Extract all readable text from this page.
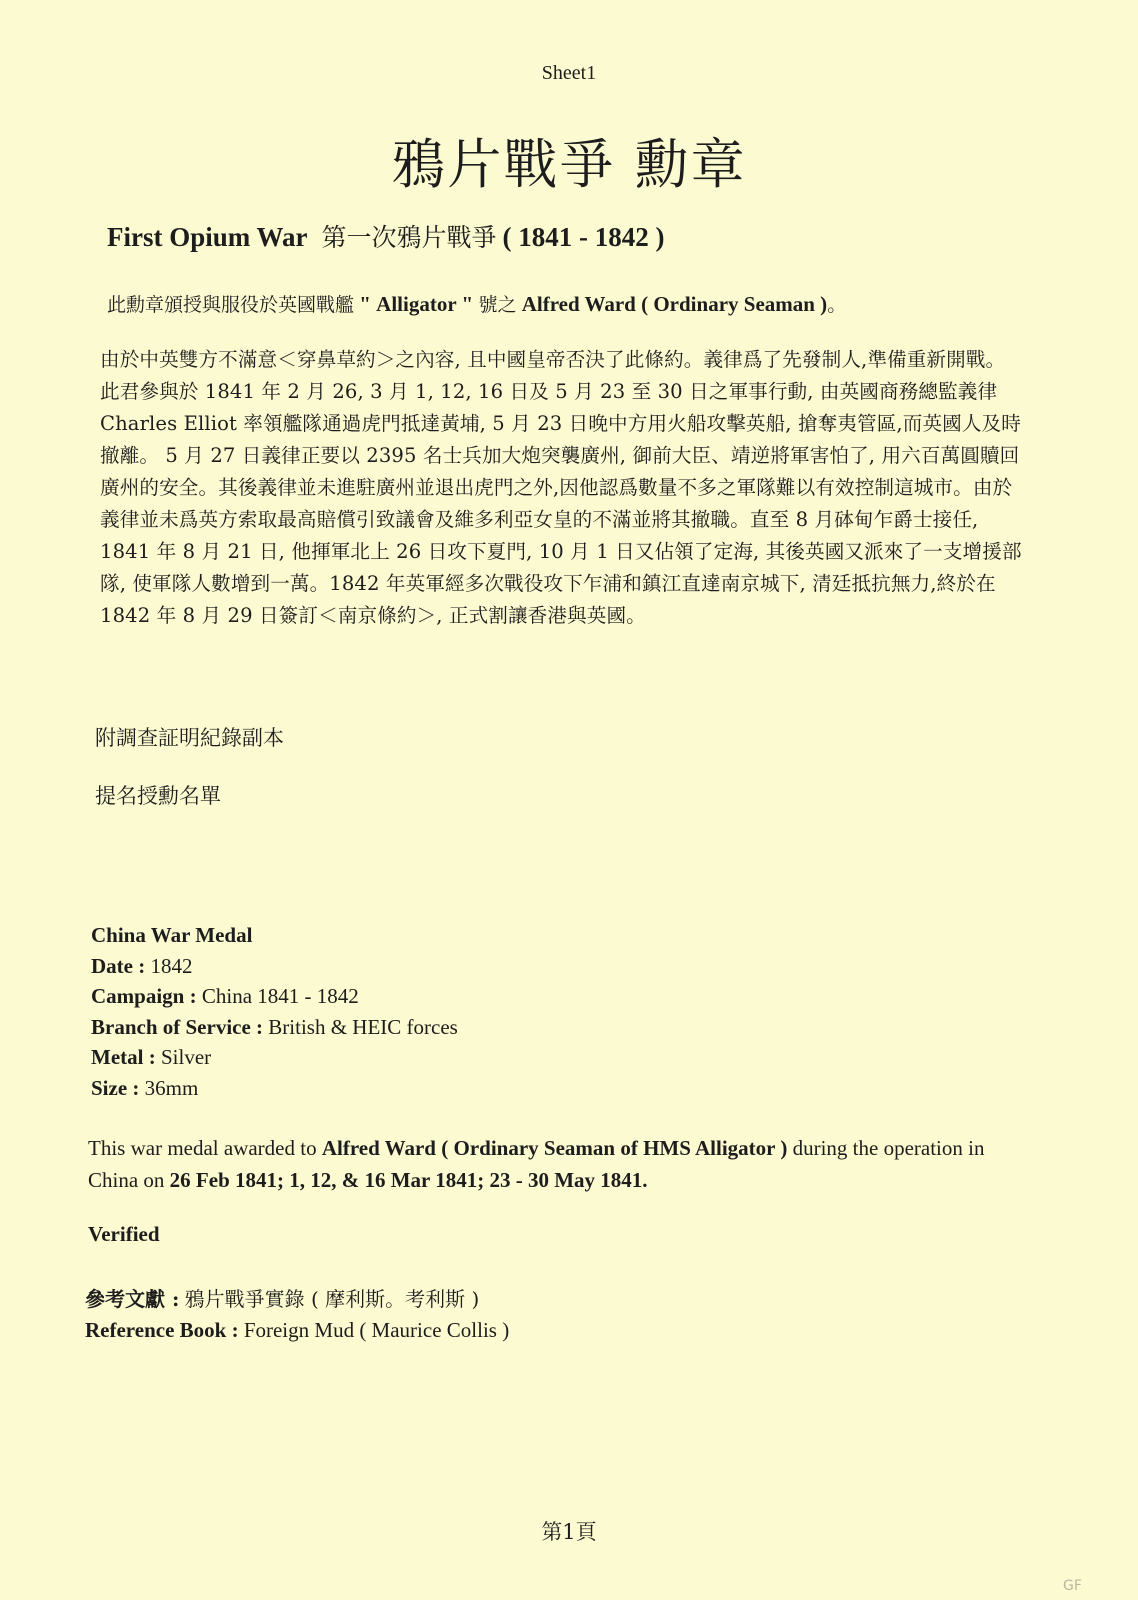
Sheet1
鴉片戰爭 勳章
First Opium War 第一次鴉片戰爭 ( 1841 - 1842 )
此勳章頒授與服役於英國戰艦 " Alligator " 號之 Alfred Ward ( Ordinary Seaman )。

由於中英雙方不滿意＜穿鼻草約＞之內容, 且中國皇帝否決了此條約。義律爲了先發制人,準備重新開戰。

此君參與於 1841 年 2 月 26, 3 月 1, 12, 16 日及 5 月 23 至 30 日之軍事行動, 由英國商務總監義律 Charles Elliot 率領艦隊通過虎門抵達黃埔, 5 月 23 日晚中方用火船攻擊英船, 搶奪夷管區,而英國人及時撤離。 5 月 27 日義律正要以 2395 名士兵加大炮突襲廣州, 御前大臣、靖逆將軍害怕了, 用六百萬圓贖回廣州的安全。其後義律並未進駐廣州並退出虎門之外,因他認爲數量不多之軍隊難以有效控制這城市。由於義律並未爲英方索取最高賠償引致議會及維多利亞女皇的不滿並將其撤職。直至 8 月砵甸乍爵士接任, 1841 年 8 月 21 日, 他揮軍北上 26 日攻下夏門, 10 月 1 日又佔領了定海, 其後英國又派來了一支增援部隊, 使軍隊人數增到一萬。1842 年英軍經多次戰役攻下乍浦和鎮江直達南京城下, 清廷抵抗無力,終於在 1842 年 8 月 29 日簽訂＜南京條約＞, 正式割讓香港與英國。

附調查証明紀錄副本
提名授勳名單
China War Medal
Date : 1842
Campaign : China 1841 - 1842
Branch of Service : British & HEIC forces
Metal : Silver
Size : 36mm
This war medal awarded to Alfred Ward ( Ordinary Seaman of HMS Alligator ) during the operation in China on 26 Feb 1841; 1, 12, & 16 Mar 1841; 23 - 30 May 1841.
Verified
參考文獻 : 鴉片戰爭實錄 ( 摩利斯。考利斯 )
Reference Book : Foreign Mud ( Maurice Collis )
第1頁
GF
